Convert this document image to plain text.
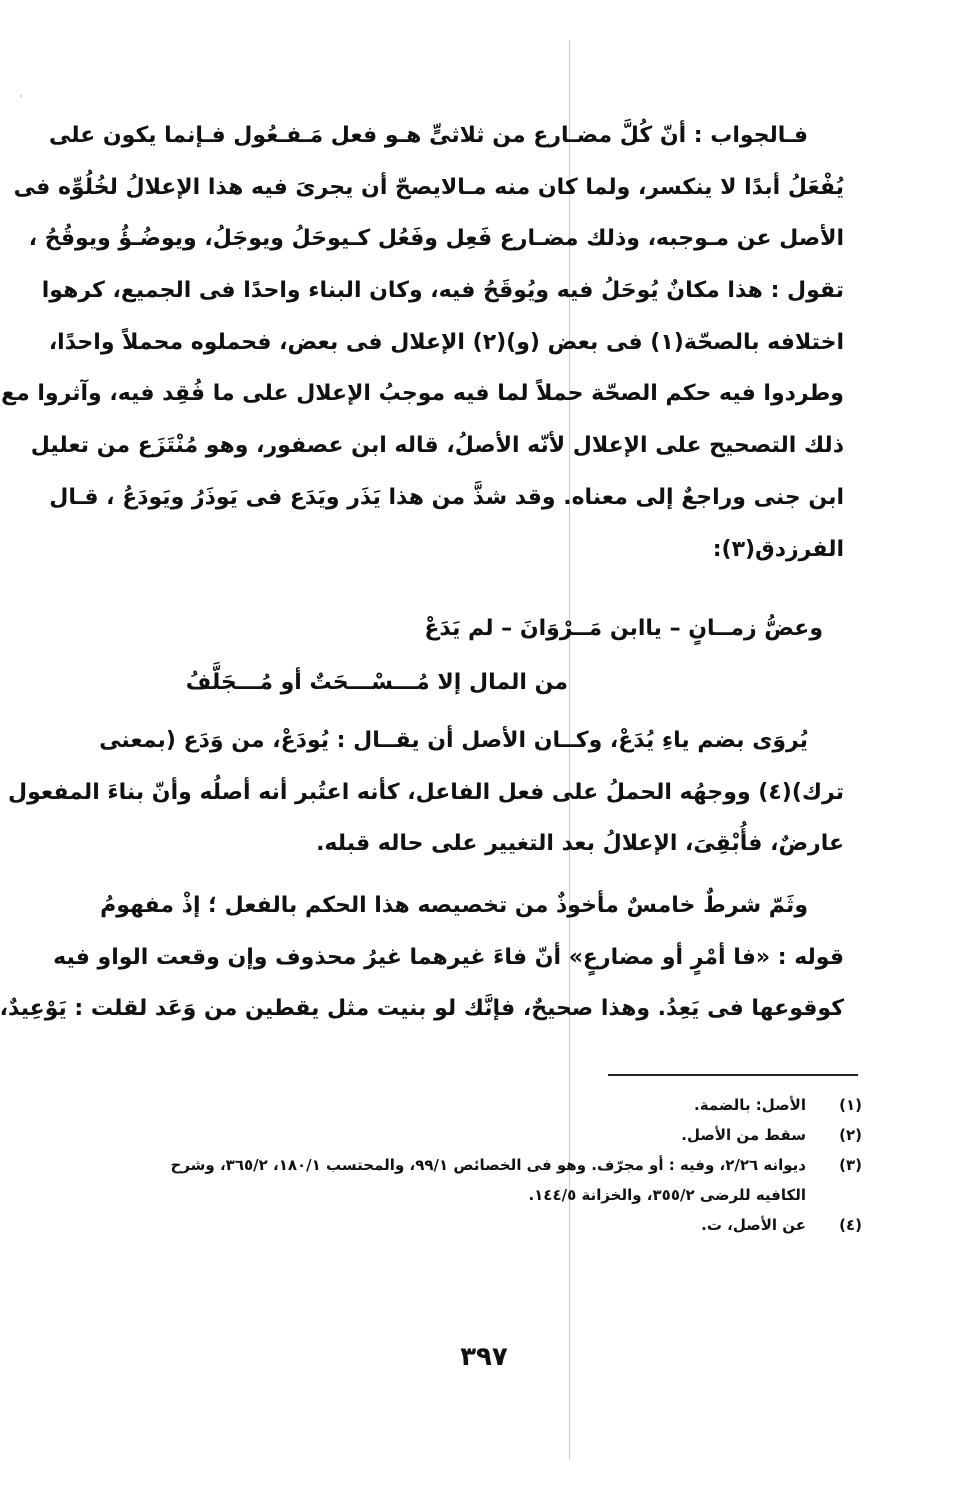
فـالجواب : أنّ كُلَّ مضـارع من ثلاثىٍّ هـو فعل مَـفـعُول فـإنما يكون على
يُفْعَلُ أبدًا لا ينكسر، ولما كان منه مـالايصحّ أن يجرىَ فيه هذا الإعلالُ لخُلُوِّه فى
الأصل عن مـوجبه، وذلك مضـارع فَعِل وفَعُل كـيوحَلُ ويوجَلُ، ويوضُـؤُ ويوقُحُ ،
تقول : هذا مكانٌ يُوحَلُ فيه ويُوقَحُ فيه، وكان البناء واحدًا فى الجميع، كرهوا
اختلافه بالصحّة(١) فى بعض (و)(٢) الإعلال فى بعض، فحملوه محملاً واحدًا،
وطردوا فيه حكم الصحّة حملاً لما فيه موجبُ الإعلال على ما فُقِد فيه، وآثروا مع
ذلك التصحيح على الإعلال لأنّه الأصلُ، قاله ابن عصفور، وهو مُنْتَزَع من تعليل
ابن جنى وراجعٌ إلى معناه. وقد شذَّ من هذا يَذَر ويَدَع فى يَوذَرُ ويَودَعُ ، قـال
الفرزدق(٣):
وعضُّ زمــانٍ – ياابن مَــرْوَانَ – لم يَدَعْ
من المال إلا مُـــسْـــحَتٌ أو مُـــجَلَّفُ
يُروَى بضم ياءِ يُدَعْ، وكــان الأصل أن يقــال : يُودَعْ، من وَدَع (بمعنى
ترك)(٤) ووجهُه الحملُ على فعل الفاعل، كأنه اعتُبر أنه أصلُه وأنّ بناءَ المفعول
عارضٌ، فأُبْقِىَ، الإعلالُ بعد التغيير على حاله قبله.
وثَمّ شرطٌ خامسٌ مأخوذٌ من تخصيصه هذا الحكم بالفعل ؛ إذْ مفهومُ
قوله : «فا أمْرٍ أو مضارعٍ» أنّ فاءَ غيرهما غيرُ محذوف وإن وقعت الواو فيه
كوقوعها فى يَعِدُ. وهذا صحيحٌ، فإنَّك لو بنيت مثل يقطين من وَعَد لقلت : يَوْعِيدٌ،
(١)
الأصل: بالضمة.
(٢)
سقط من الأصل.
(٣)
ديوانه ٢/٢٦، وفيه : أو مجرّف. وهو فى الخصائص ٩٩/١، والمحتسب ١٨٠/١، ٣٦٥/٢، وشرح
الكافيه للرضى ٣٥٥/٢، والخزانة ١٤٤/٥.
(٤)
عن الأصل، ت.
٣٩٧
